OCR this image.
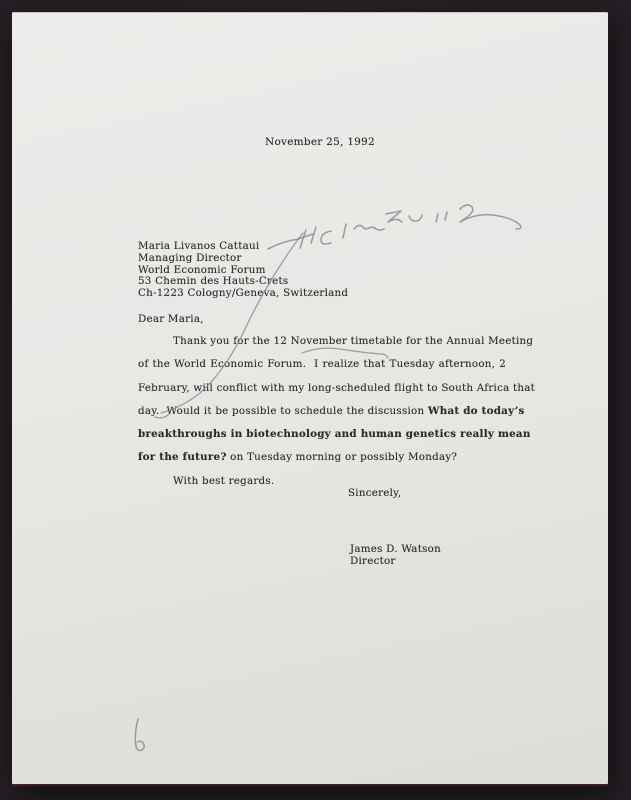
November 25, 1992
Maria Livanos Cattaui
Managing Director
World Economic Forum
53 Chemin des Hauts-Crets
Ch-1223 Cologny/Geneva, Switzerland
Dear Maria,
Thank you for the 12 November timetable for the Annual Meeting
of the World Economic Forum.  I realize that Tuesday afternoon, 2
February, will conflict with my long-scheduled flight to South Africa that
day.  Would it be possible to schedule the discussion What do today’s
breakthroughs in biotechnology and human genetics really mean
for the future? on Tuesday morning or possibly Monday?
With best regards.
Sincerely,
James D. Watson
Director
